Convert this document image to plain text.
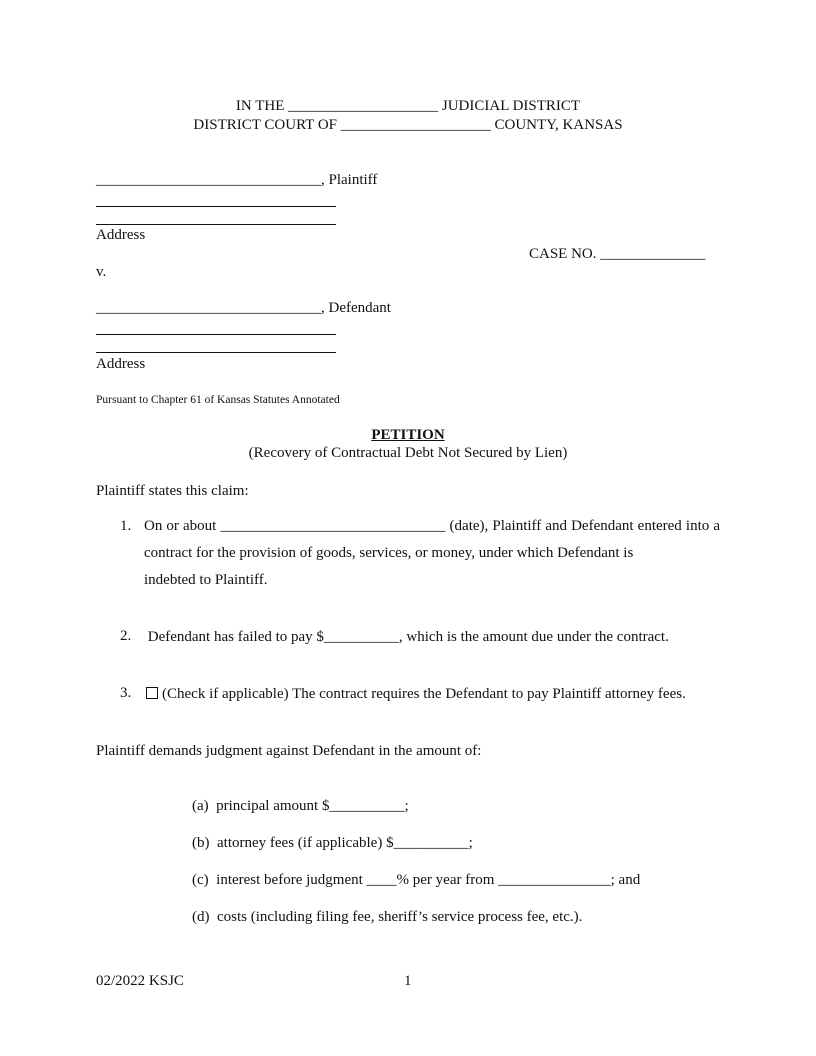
IN THE ____________________ JUDICIAL DISTRICT
DISTRICT COURT OF ____________________ COUNTY, KANSAS
______________________________, Plaintiff
Address
CASE NO. ______________
v.
______________________________, Defendant
Address
Pursuant to Chapter 61 of Kansas Statutes Annotated
PETITION
(Recovery of Contractual Debt Not Secured by Lien)
Plaintiff states this claim:
1. On or about ______________________________ (date), Plaintiff and Defendant entered into a contract for the provision of goods, services, or money, under which Defendant is
indebted to Plaintiff.
2. Defendant has failed to pay $__________, which is the amount due under the contract.
3.	(Check if applicable) The contract requires the Defendant to pay Plaintiff attorney fees.
Plaintiff demands judgment against Defendant in the amount of:
(a)  principal amount $__________;
(b)  attorney fees (if applicable) $__________;
(c)  interest before judgment ____% per year from _______________; and
(d)  costs (including filing fee, sheriff’s service process fee, etc.).
02/2022 KSJC	1
